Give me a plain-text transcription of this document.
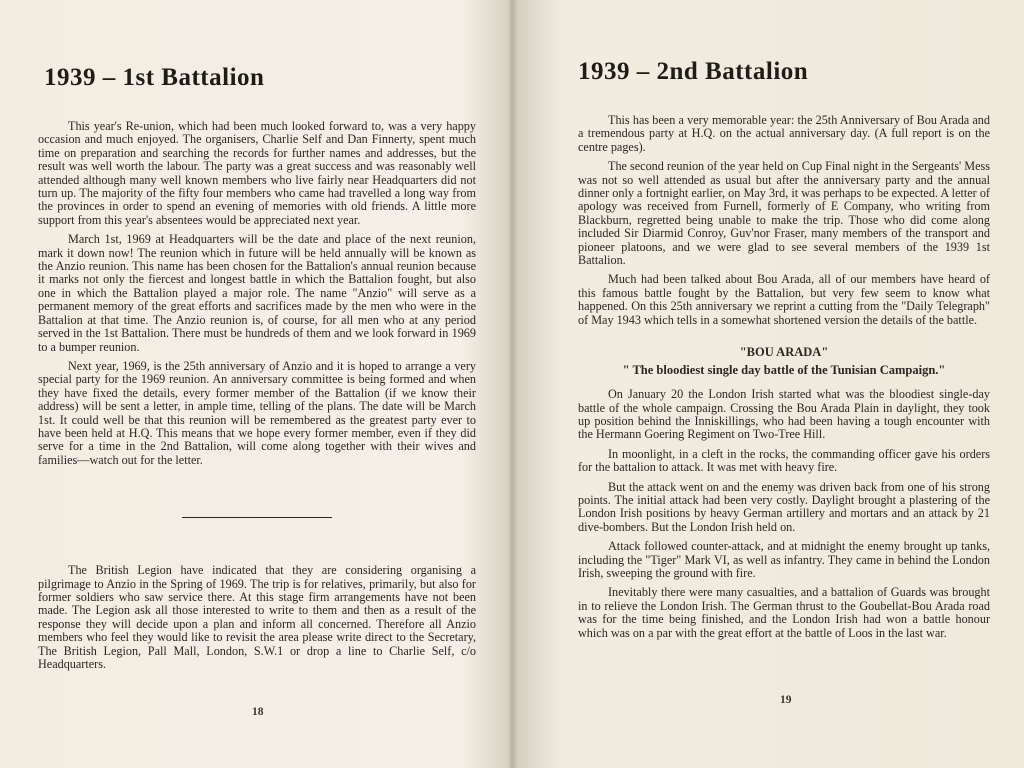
1939 – 1st Battalion

This year's Re-union, which had been much looked forward to, was a very happy occasion and much enjoyed. The organisers, Charlie Self and Dan Finnerty, spent much time on preparation and searching the records for further names and addresses, but the result was well worth the labour. The party was a great success and was reasonably well attended although many well known members who live fairly near Headquarters did not turn up. The majority of the fifty four members who came had travelled a long way from the provinces in order to spend an evening of memories with old friends. A little more support from this year's absentees would be appreciated next year.

March 1st, 1969 at Headquarters will be the date and place of the next reunion, mark it down now! The reunion which in future will be held annually will be known as the Anzio reunion. This name has been chosen for the Battalion's annual reunion because it marks not only the fiercest and longest battle in which the Battalion fought, but also one in which the Battalion played a major role. The name "Anzio" will serve as a permanent memory of the great efforts and sacrifices made by the men who were in the Battalion at that time. The Anzio reunion is, of course, for all men who at any period served in the 1st Battalion. There must be hundreds of them and we look forward in 1969 to a bumper reunion.

Next year, 1969, is the 25th anniversary of Anzio and it is hoped to arrange a very special party for the 1969 reunion. An anniversary committee is being formed and when they have fixed the details, every former member of the Battalion (if we know their address) will be sent a letter, in ample time, telling of the plans. The date will be March 1st. It could well be that this reunion will be remembered as the greatest party ever to have been held at H.Q. This means that we hope every former member, even if they did serve for a time in the 2nd Battalion, will come along together with their wives and families—watch out for the letter.

The British Legion have indicated that they are considering organising a pilgrimage to Anzio in the Spring of 1969. The trip is for relatives, primarily, but also for former soldiers who saw service there. At this stage firm arrangements have not been made. The Legion ask all those interested to write to them and then as a result of the response they will decide upon a plan and inform all concerned. Therefore all Anzio members who feel they would like to revisit the area please write direct to the Secretary, The British Legion, Pall Mall, London, S.W.1 or drop a line to Charlie Self, c/o Headquarters.

18
1939 – 2nd Battalion

This has been a very memorable year: the 25th Anniversary of Bou Arada and a tremendous party at H.Q. on the actual anniversary day. (A full report is on the centre pages).

The second reunion of the year held on Cup Final night in the Sergeants' Mess was not so well attended as usual but after the anniversary party and the annual dinner only a fortnight earlier, on May 3rd, it was perhaps to be expected. A letter of apology was received from Furnell, formerly of E Company, who writing from Blackburn, regretted being unable to make the trip. Those who did come along included Sir Diarmid Conroy, Guv'nor Fraser, many members of the transport and pioneer platoons, and we were glad to see several members of the 1939 1st Battalion.

Much had been talked about Bou Arada, all of our members have heard of this famous battle fought by the Battalion, but very few seem to know what happened. On this 25th anniversary we reprint a cutting from the "Daily Telegraph" of May 1943 which tells in a somewhat shortened version the details of the battle.

"BOU ARADA"
" The bloodiest single day battle of the Tunisian Campaign."

On January 20 the London Irish started what was the bloodiest single-day battle of the whole campaign. Crossing the Bou Arada Plain in daylight, they took up position behind the Inniskillings, who had been having a tough encounter with the Hermann Goering Regiment on Two-Tree Hill.

In moonlight, in a cleft in the rocks, the commanding officer gave his orders for the battalion to attack. It was met with heavy fire.

But the attack went on and the enemy was driven back from one of his strong points. The initial attack had been very costly. Daylight brought a plastering of the London Irish positions by heavy German artillery and mortars and an attack by 21 dive-bombers. But the London Irish held on.

Attack followed counter-attack, and at midnight the enemy brought up tanks, including the "Tiger" Mark VI, as well as infantry. They came in behind the London Irish, sweeping the ground with fire.

Inevitably there were many casualties, and a battalion of Guards was brought in to relieve the London Irish. The German thrust to the Goubellat-Bou Arada road was for the time being finished, and the London Irish had won a battle honour which was on a par with the great effort at the battle of Loos in the last war.

19
